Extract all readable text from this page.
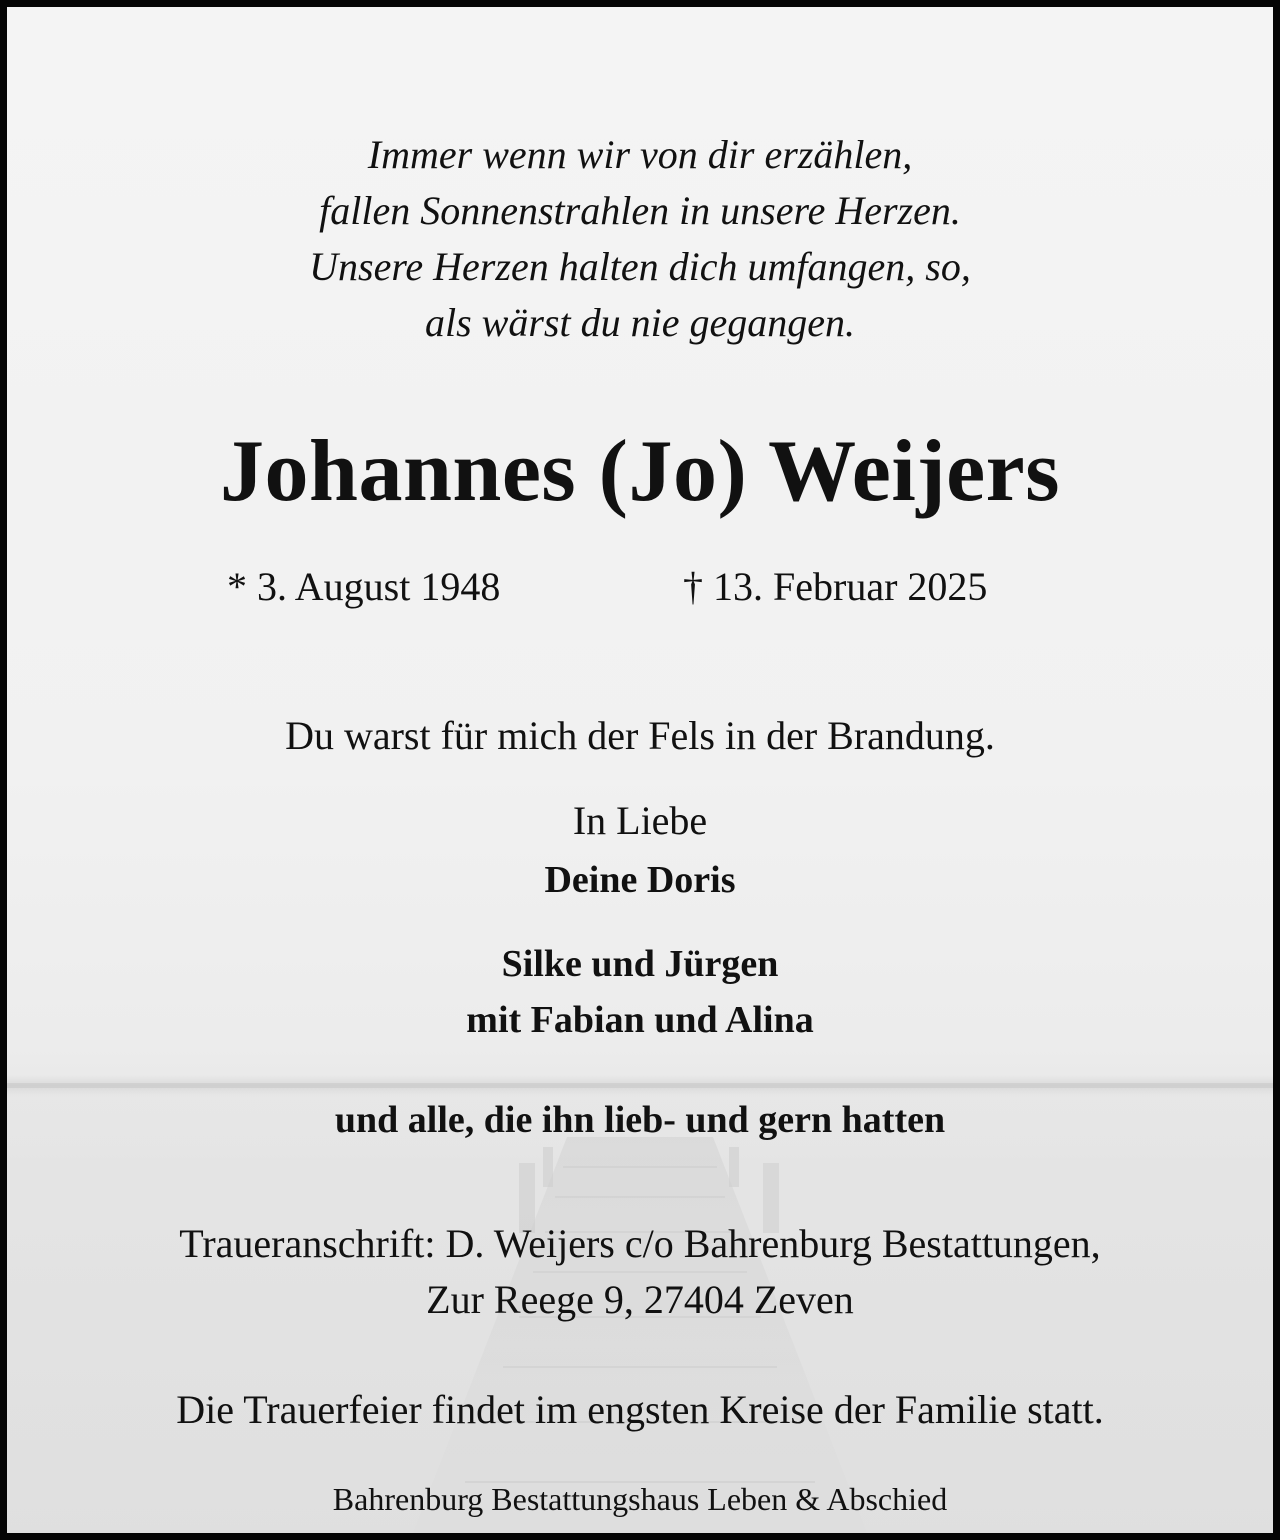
Immer wenn wir von dir erzählen,

fallen Sonnenstrahlen in unsere Herzen.

Unsere Herzen halten dich umfangen, so,

als wärst du nie gegangen.

Johannes (Jo) Weijers
* 3. August 1948	† 13. Februar 2025

Du warst für mich der Fels in der Brandung.

In Liebe

Deine Doris

Silke und Jürgen

mit Fabian und Alina

und alle, die ihn lieb- und gern hatten

Traueranschrift: D. Weijers c/o Bahrenburg Bestattungen,

Zur Reege 9, 27404 Zeven

Die Trauerfeier findet im engsten Kreise der Familie statt.

Bahrenburg Bestattungshaus Leben & Abschied
